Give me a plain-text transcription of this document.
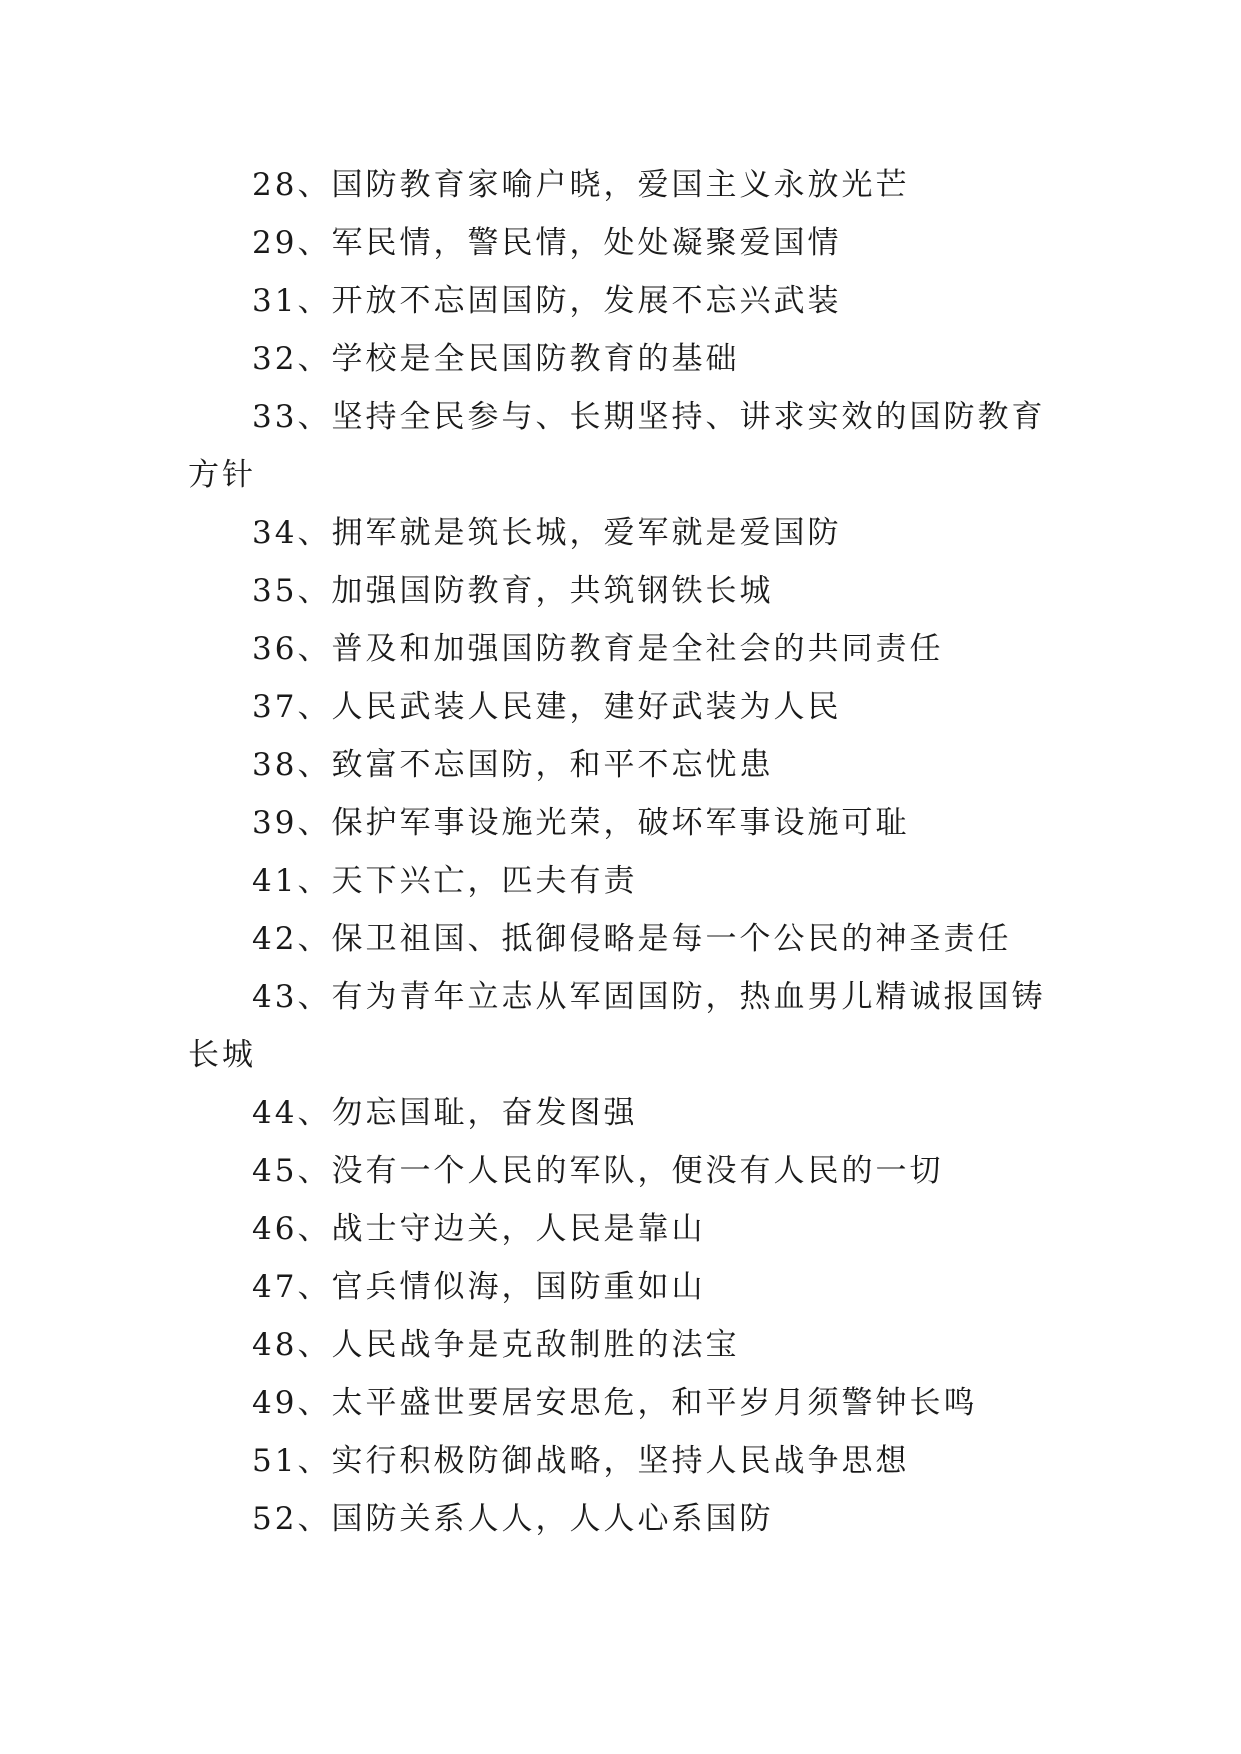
28、国防教育家喻户晓，爱国主义永放光芒

29、军民情，警民情，处处凝聚爱国情

31、开放不忘固国防，发展不忘兴武装

32、学校是全民国防教育的基础

33、坚持全民参与、长期坚持、讲求实效的国防教育方针

34、拥军就是筑长城，爱军就是爱国防

35、加强国防教育，共筑钢铁长城

36、普及和加强国防教育是全社会的共同责任

37、人民武装人民建，建好武装为人民

38、致富不忘国防，和平不忘忧患

39、保护军事设施光荣，破坏军事设施可耻

41、天下兴亡，匹夫有责

42、保卫祖国、抵御侵略是每一个公民的神圣责任

43、有为青年立志从军固国防，热血男儿精诚报国铸长城

44、勿忘国耻，奋发图强

45、没有一个人民的军队，便没有人民的一切

46、战士守边关，人民是靠山

47、官兵情似海，国防重如山

48、人民战争是克敌制胜的法宝

49、太平盛世要居安思危，和平岁月须警钟长鸣

51、实行积极防御战略，坚持人民战争思想

52、国防关系人人，人人心系国防
